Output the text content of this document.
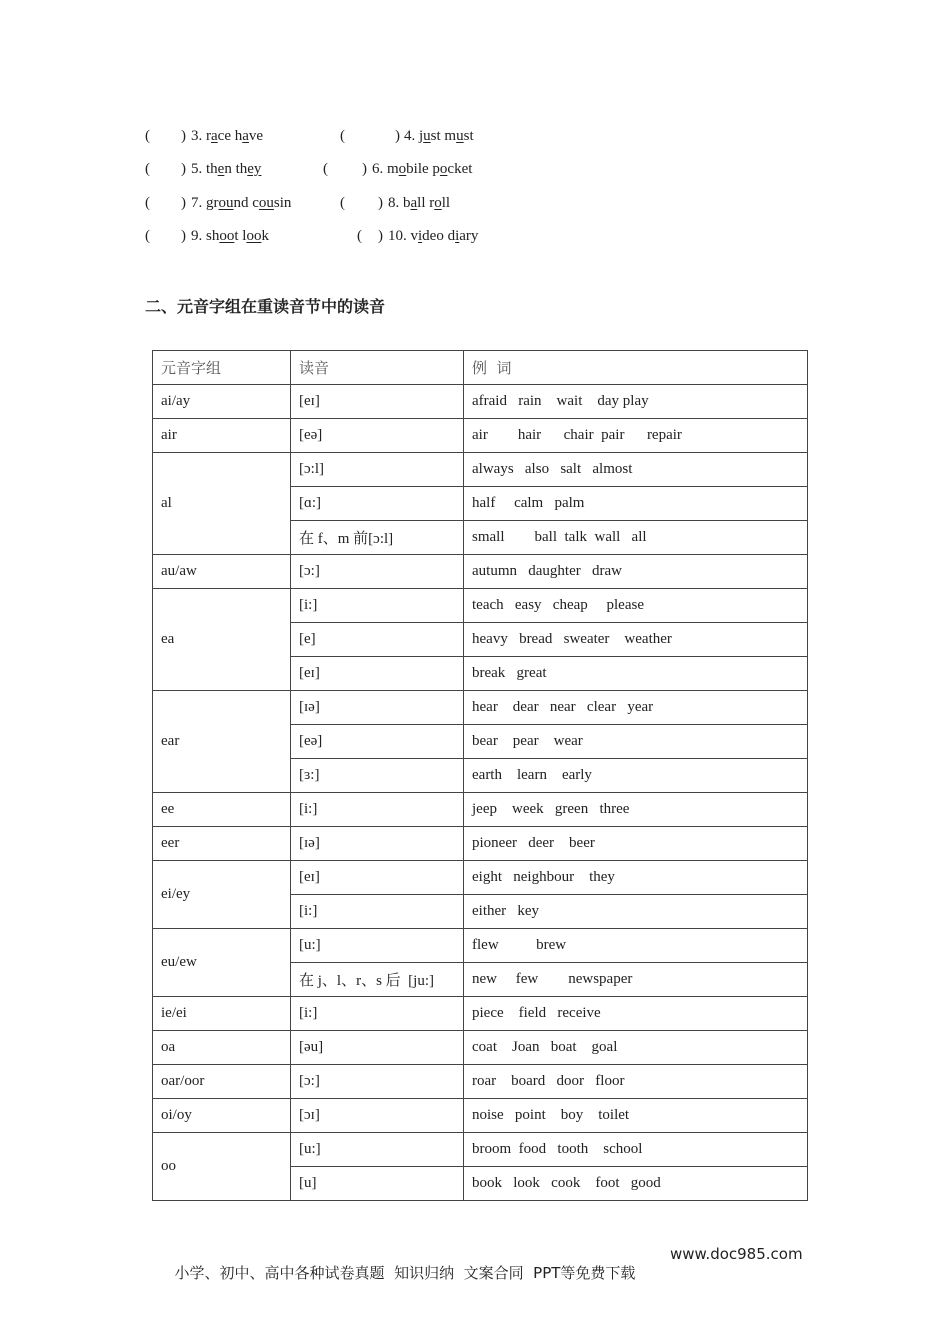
( ) 3. race have	(	) 4. just must
( ) 5. then they	( ) 6. mobile pocket
( ) 7. ground cousin	( ) 8. ball roll
( ) 9. shoot look	( ) 10. video diary
二、元音字组在重读音节中的读音
元音字组	读音	例  词
ai/ay	[eɪ]	afraid   rain    wait    day play
air	[eə]	air        hair      chair  pair      repair
al	[ɔ:l]	always   also   salt   almost
	[ɑ:]	half     calm   palm
	在 f、m 前[ɔ:l]	small        ball  talk  wall   all
au/aw	[ɔ:]	autumn   daughter   draw
ea	[i:]	teach   easy   cheap     please
	[e]	heavy   bread   sweater    weather
	[eɪ]	break   great
ear	[ɪə]	hear    dear   near   clear   year
	[eə]	bear    pear    wear
	[ɜ:]	earth    learn    early
ee	[i:]	jeep    week   green   three
eer	[ɪə]	pioneer   deer    beer
ei/ey	[eɪ]	eight   neighbour    they
	[i:]	either   key
eu/ew	[u:]	flew          brew
	在 j、l、r、s 后  [ju:]	new     few        newspaper
ie/ei	[i:]	piece    field   receive
oa	[əu]	coat    Joan   boat    goal
oar/oor	[ɔ:]	roar    board   door   floor
oi/oy	[ɔɪ]	noise   point    boy    toilet
oo	[u:]	broom  food   tooth    school
	[u]	book   look   cook    foot   good

小学、初中、高中各种试卷真题  知识归纳  文案合同  PPT等免费下载

www.doc985.com
